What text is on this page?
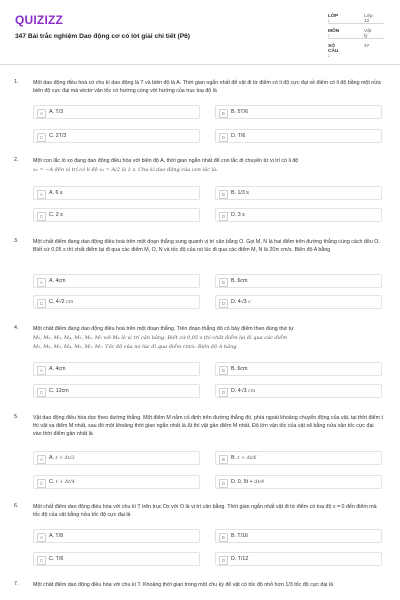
QUIZIZZ
347 Bài trắc nghiệm Dao động cơ có lời giải chi tiết (P6)
LỚP :
Lớp 12
MÔN :
Vật lý
SỐ CÂU :
47
1.	Một dao động điều hoà có chu kì dao động là T và biên độ là A. Thời gian ngắn nhất để vật đi từ điểm có li độ cực đại về điểm có li độ bằng một nửa biên độ cực đại mà véctơ vận tốc có hướng cùng với hướng của trục toạ độ là
A	A. T/3	B	B. 5T/6
C	C. 2T/3	D	D. T/6
2.	Một con lắc lò xo đang dao động điều hòa với biên độ A, thời gian ngắn nhất để con lắc di chuyển từ vị trí có li độ
x₁ = −A đến vị trí có li độ x₂ = A/2 là 1 s. Chu kì dao động của con lắc là:
A	A. 6 s	B	B. 1/3 s
C	C. 2 s	D	D. 3 s
3.	Một chất điểm đang dao động điều hoà trên một đoạn thẳng xung quanh vị trí cân bằng O. Gọi M, N là hai điểm trên đường thẳng cùng cách đều O. Biết cứ 0,05 s thì chất điểm lại đi qua các điểm M, O, N và tốc độ của nó lúc đi qua các điểm M, N là 20π cm/s. Biên độ A bằng
A	A. 4cm	B	B. 6cm
C	C. 4√2 cm	D	D. 4√3 c
4.	Một chất điểm đang dao động điều hoà trên một đoạn thẳng. Trên đoạn thẳng đó có bảy điểm theo đúng thứ tự
M₁, M₂, M₃, M₄, M₅, M₆, M₇ với M₄ là vị trí cân bằng. Biết cứ 0,05 s thì chất điểm lại đi qua các điểm
M₁, M₂, M₃, M₄, M₅, M₆, M₇. Tốc độ của nó lúc đi qua điểm cm/s. Biên độ A bằng
A	A. 4cm	B	B. 6cm
C	C. 12cm	D	D. 4√3 cm
5.	Vật dao động điều hòa dọc theo đường thẳng. Một điểm M nằm cố định trên đường thẳng đó, phía ngoài khoảng chuyển động của vật, tại thời điểm t thì vật xa điểm M nhất, sau đó một khoảng thời gian ngắn nhất là Δt thì vật gần điểm M nhất. Độ lớn vận tốc của vật sẽ bằng nửa vận tốc cực đại vào thời điểm gần nhất là
A	A. t + Δt/3	B	B. t + Δt/6
C	C. t + Δt/4	D	D. 0, 5t + Δt/4
6.	Một chất điểm dao động điều hòa với chu kì T trên trục Ox với O là vị trí cân bằng. Thời gian ngắn nhất vật đi từ điểm có toạ độ x = 0 đến điểm mà tốc độ của vật bằng nửa tốc độ cực đại là
A	A. T/8	B	B. T/16
C	C. T/6	D	D. T/12
7.	Một chất điểm dao động điều hòa với chu kì T. Khoảng thời gian trong một chu kỳ để vật có tốc độ nhỏ hơn 1/3 tốc độ cực đại là
